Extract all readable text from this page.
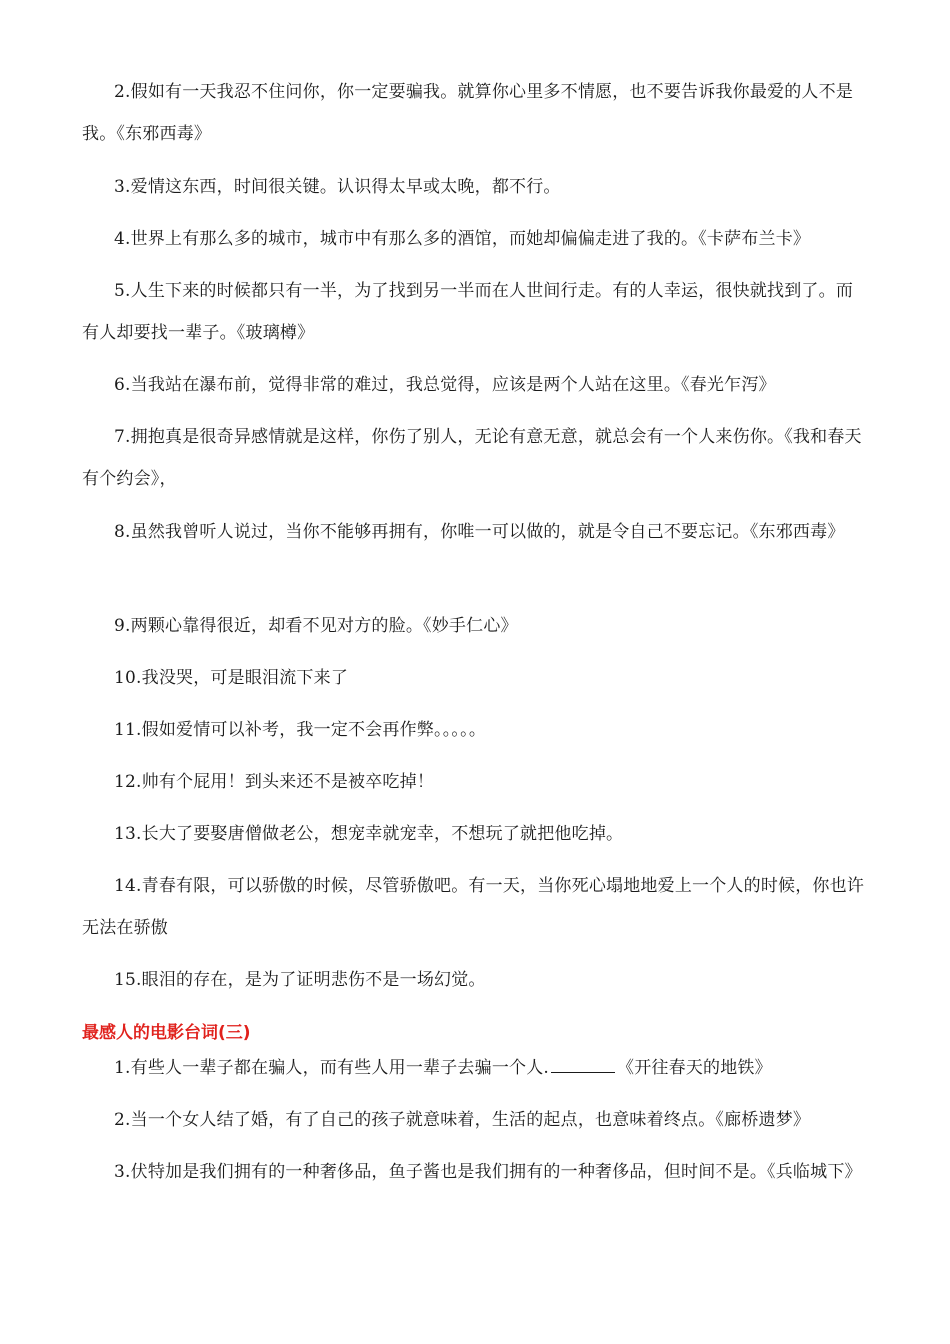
2.假如有一天我忍不住问你，你一定要骗我。就算你心里多不情愿，也不要告诉我你最爱的人不是我。《东邪西毒》

3.爱情这东西，时间很关键。认识得太早或太晚，都不行。

4.世界上有那么多的城市，城市中有那么多的酒馆，而她却偏偏走进了我的。《卡萨布兰卡》

5.人生下来的时候都只有一半，为了找到另一半而在人世间行走。有的人幸运，很快就找到了。而有人却要找一辈子。《玻璃樽》

6.当我站在瀑布前，觉得非常的难过，我总觉得，应该是两个人站在这里。《春光乍泻》

7.拥抱真是很奇异感情就是这样，你伤了别人，无论有意无意，就总会有一个人来伤你。《我和春天有个约会》，

8.虽然我曾听人说过，当你不能够再拥有，你唯一可以做的，就是令自己不要忘记。《东邪西毒》

9.两颗心靠得很近，却看不见对方的脸。《妙手仁心》

10.我没哭，可是眼泪流下来了

11.假如爱情可以补考，我一定不会再作弊。。。。。

12.帅有个屁用！到头来还不是被卒吃掉！

13.长大了要娶唐僧做老公，想宠幸就宠幸，不想玩了就把他吃掉。

14.青春有限，可以骄傲的时候，尽管骄傲吧。有一天，当你死心塌地地爱上一个人的时候，你也许无法在骄傲

15.眼泪的存在，是为了证明悲伤不是一场幻觉。

最感人的电影台词(三)

1.有些人一辈子都在骗人，而有些人用一辈子去骗一个人.	《开往春天的地铁》

2.当一个女人结了婚，有了自己的孩子就意味着，生活的起点，也意味着终点。《廊桥遗梦》

3.伏特加是我们拥有的一种奢侈品，鱼子酱也是我们拥有的一种奢侈品，但时间不是。《兵临城下》
